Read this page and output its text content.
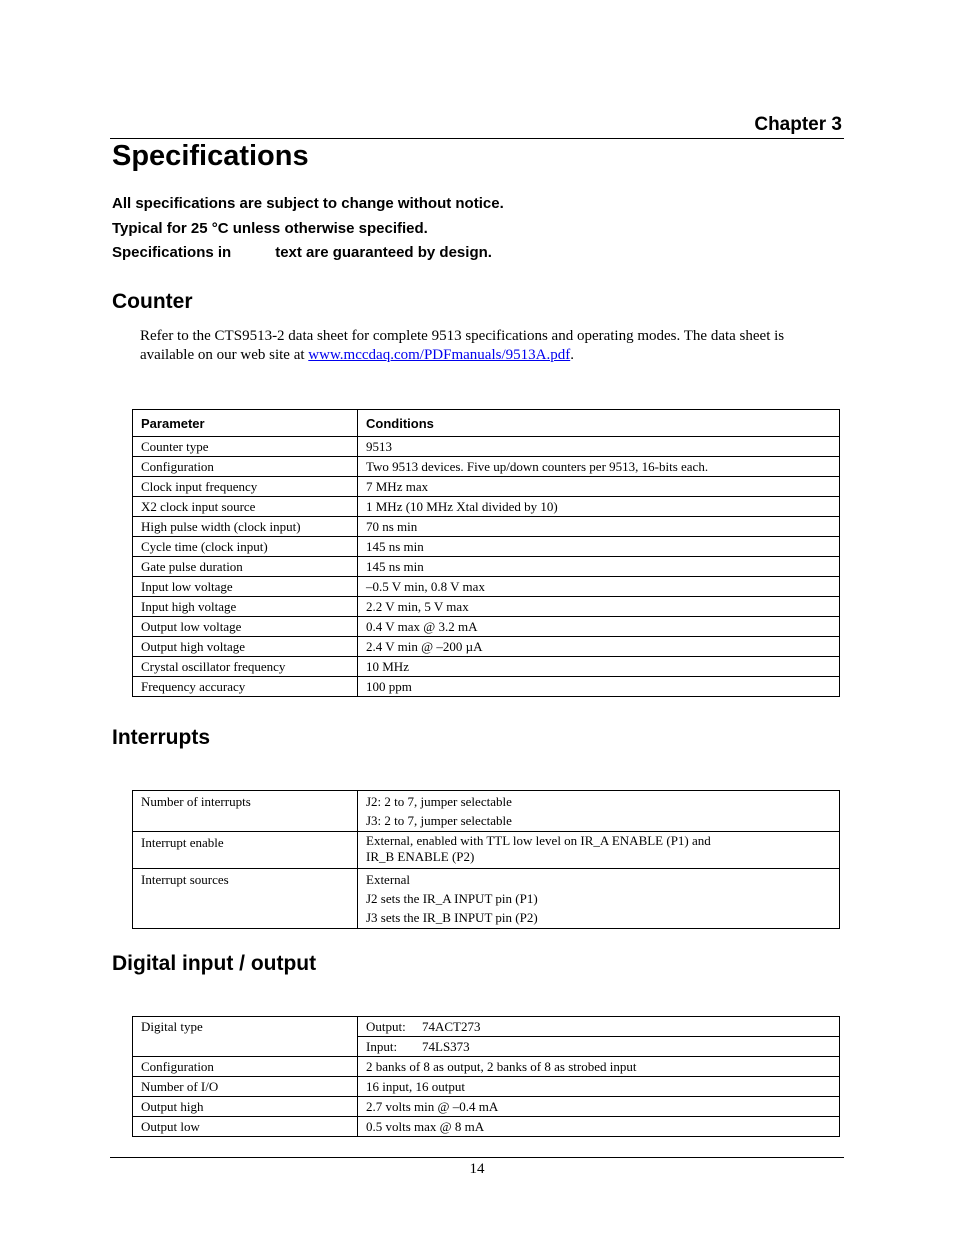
Chapter 3
Specifications
All specifications are subject to change without notice.
Typical for 25 °C unless otherwise specified.
Specifications in	text are guaranteed by design.
Counter
Refer to the CTS9513-2 data sheet for complete 9513 specifications and operating modes. The data sheet is available on our web site at www.mccdaq.com/PDFmanuals/9513A.pdf.
Parameter	Conditions
Counter type	9513
Configuration	Two 9513 devices. Five up/down counters per 9513, 16-bits each.
Clock input frequency	7 MHz max
X2 clock input source	1 MHz (10 MHz Xtal divided by 10)
High pulse width (clock input)	70 ns min
Cycle time (clock input)	145 ns min
Gate pulse duration	145 ns min
Input low voltage	–0.5 V min, 0.8 V max
Input high voltage	2.2 V min, 5 V max
Output low voltage	0.4 V max @ 3.2 mA
Output high voltage	2.4 V min @ –200 µA
Crystal oscillator frequency	10 MHz
Frequency accuracy	100 ppm
Interrupts
Number of interrupts	J2: 2 to 7, jumper selectable
J3: 2 to 7, jumper selectable

Interrupt enable	External, enabled with TTL low level on IR_A ENABLE (P1) and
IR_B ENABLE (P2)

Interrupt sources	External
J2 sets the IR_A INPUT pin (P1)
J3 sets the IR_B INPUT pin (P2)
Digital input / output
Digital type	Output: 74ACT273
	Input: 74LS373
Configuration	2 banks of 8 as output, 2 banks of 8 as strobed input
Number of I/O	16 input, 16 output
Output high	2.7 volts min @ –0.4 mA
Output low	0.5 volts max @ 8 mA
14
